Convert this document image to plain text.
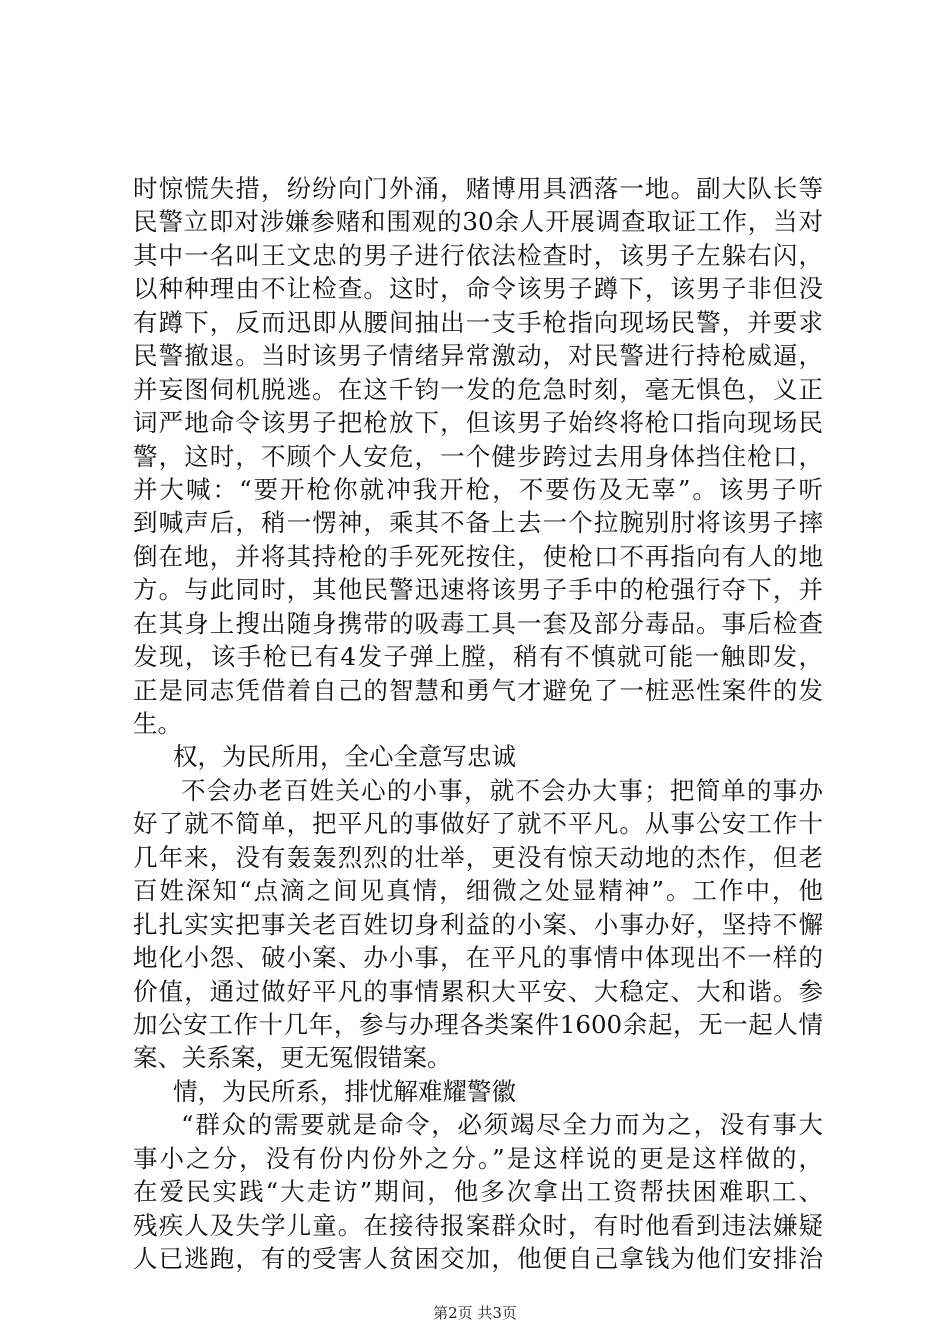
时惊慌失措，纷纷向门外涌，赌博用具洒落一地。副大队长等
民警立即对涉嫌参赌和围观的30余人开展调查取证工作，当对
其中一名叫王文忠的男子进行依法检查时，该男子左躲右闪，
以种种理由不让检查。这时，命令该男子蹲下，该男子非但没
有蹲下，反而迅即从腰间抽出一支手枪指向现场民警，并要求
民警撤退。当时该男子情绪异常激动，对民警进行持枪威逼，
并妄图伺机脱逃。在这千钧一发的危急时刻，毫无惧色，义正
词严地命令该男子把枪放下，但该男子始终将枪口指向现场民
警，这时，不顾个人安危，一个健步跨过去用身体挡住枪口，
并大喊：“要开枪你就冲我开枪，不要伤及无辜”。该男子听
到喊声后，稍一愣神，乘其不备上去一个拉腕别肘将该男子摔
倒在地，并将其持枪的手死死按住，使枪口不再指向有人的地
方。与此同时，其他民警迅速将该男子手中的枪强行夺下，并
在其身上搜出随身携带的吸毒工具一套及部分毒品。事后检查
发现，该手枪已有4发子弹上膛，稍有不慎就可能一触即发，
正是同志凭借着自己的智慧和勇气才避免了一桩恶性案件的发
生。
权，为民所用，全心全意写忠诚
不会办老百姓关心的小事，就不会办大事；把简单的事办
好了就不简单，把平凡的事做好了就不平凡。从事公安工作十
几年来，没有轰轰烈烈的壮举，更没有惊天动地的杰作，但老
百姓深知“点滴之间见真情，细微之处显精神”。工作中，他
扎扎实实把事关老百姓切身利益的小案、小事办好，坚持不懈
地化小怨、破小案、办小事，在平凡的事情中体现出不一样的
价值，通过做好平凡的事情累积大平安、大稳定、大和谐。参
加公安工作十几年，参与办理各类案件1600余起，无一起人情
案、关系案，更无冤假错案。
情，为民所系，排忧解难耀警徽
“群众的需要就是命令，必须竭尽全力而为之，没有事大
事小之分，没有份内份外之分。”是这样说的更是这样做的，
在爱民实践“大走访”期间，他多次拿出工资帮扶困难职工、
残疾人及失学儿童。在接待报案群众时，有时他看到违法嫌疑
人已逃跑，有的受害人贫困交加，他便自己拿钱为他们安排治
第2页 共3页
